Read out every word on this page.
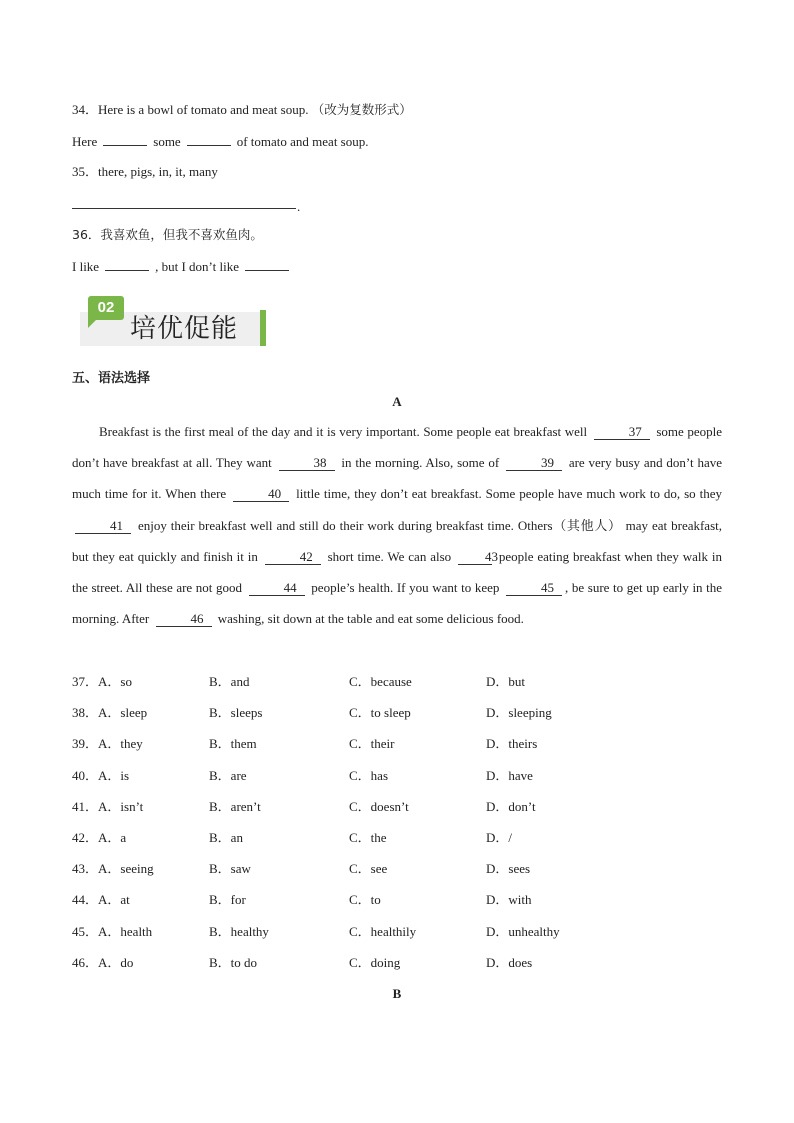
34．Here is a bowl of tomato and meat soup. （改为复数形式）
Here	some	of tomato and meat soup.
35．there, pigs, in, it, many
.
36．我喜欢鱼，但我不喜欢鱼肉。
I like	, but I don’t like
02
培优促能
五、语法选择
A
Breakfast is the first meal of the day and it is very important. Some people eat breakfast well	37 some people don’t have breakfast at all. They want	38 in the morning. Also, some of	39 are very busy and don’t have much time for it. When there	40 little time, they don’t eat breakfast. Some people have much work to do, so they 41 enjoy their breakfast well and still do their work during breakfast time. Others（其他人） may eat breakfast, but they eat quickly and finish it in	42 short time. We can also	43 people eating breakfast when they walk in the street. All these are not good	44 people’s health. If you want to keep	45 , be sure to get up early in the morning. After	46 washing, sit down at the table and eat some delicious food.
37．A．so	B．and	C．because	D．but
38．A．sleep	B．sleeps	C．to sleep	D．sleeping
39．A．they	B．them	C．their	D．theirs
40．A．is	B．are	C．has	D．have
41．A．isn’t	B．aren’t	C．doesn’t	D．don’t
42．A．a	B．an	C．the	D．/
43．A．seeing	B．saw	C．see	D．sees
44．A．at	B．for	C．to	D．with
45．A．health	B．healthy	C．healthily	D．unhealthy
46．A．do	B．to do	C．doing	D．does
B
